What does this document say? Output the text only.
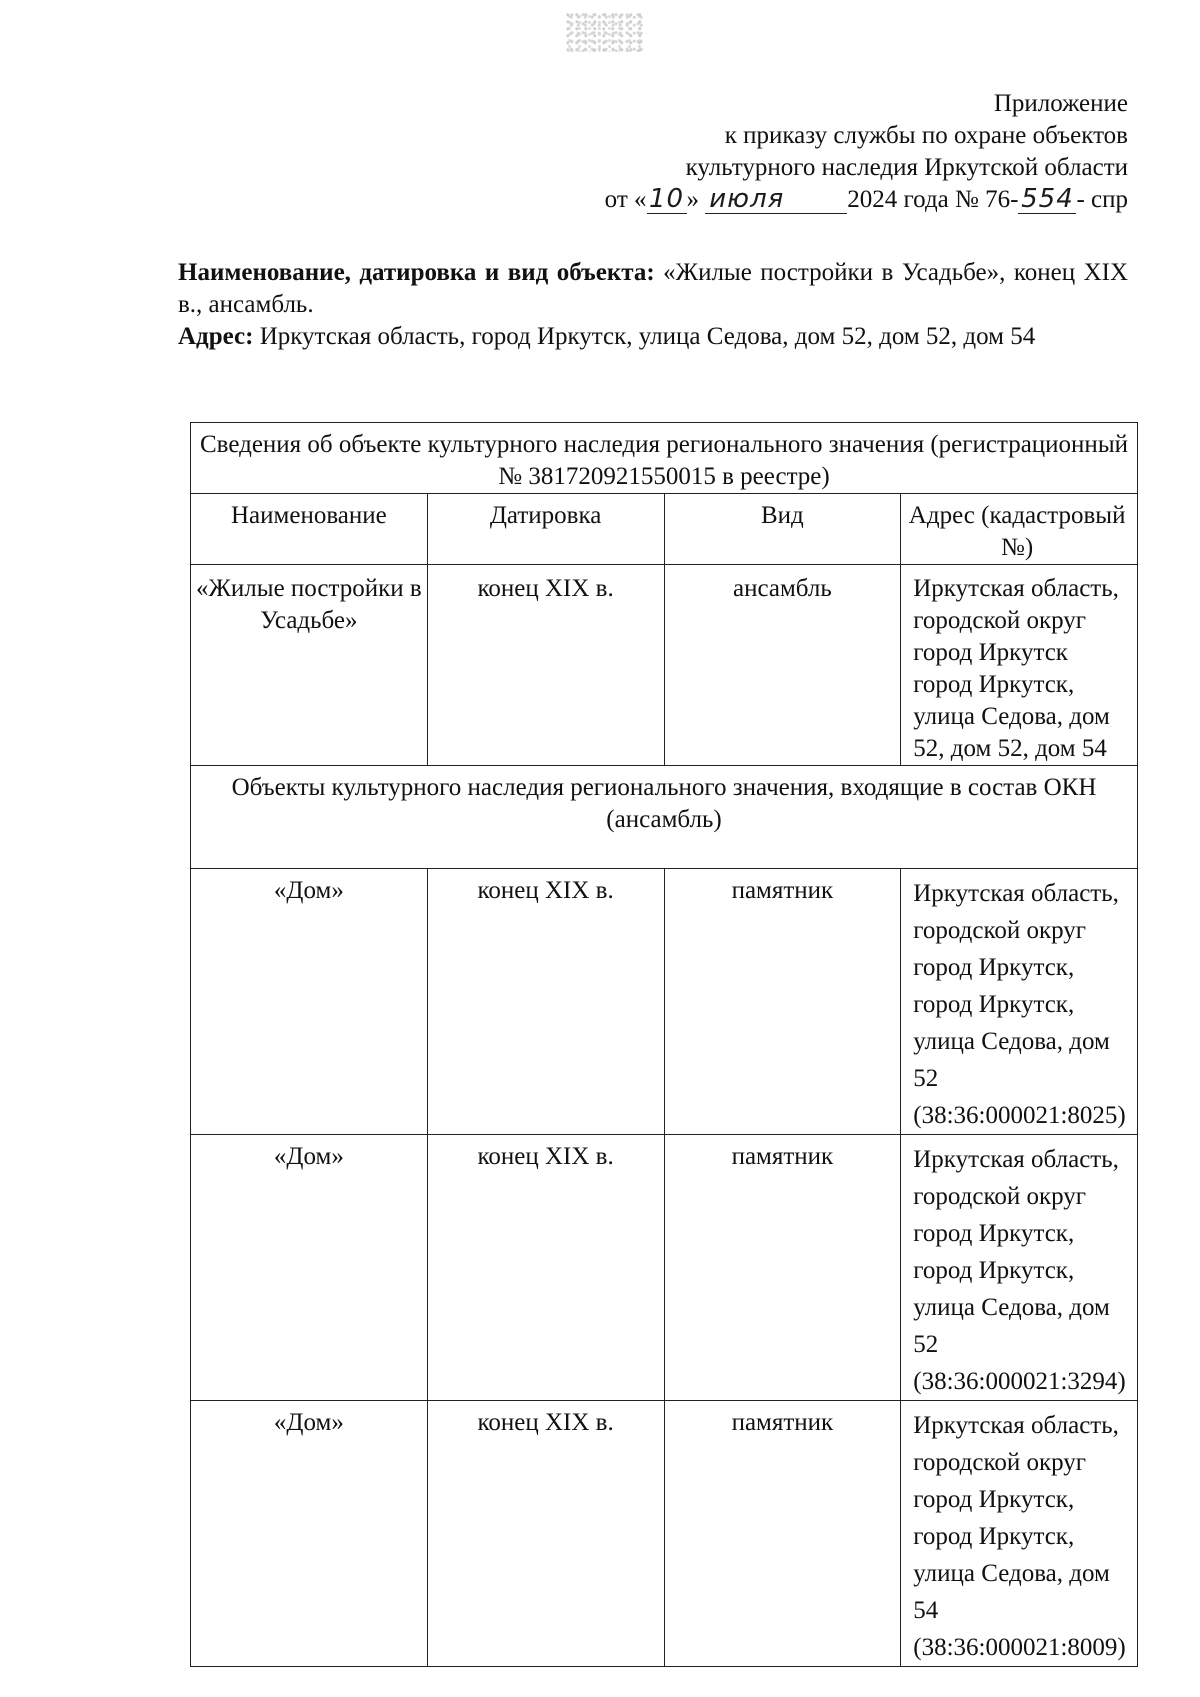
Приложение
к приказу службы по охране объектов
культурного наследия Иркутской области
от «10» июля	2024 года № 76- 554 - спр

Наименование, датировка и вид объекта: «Жилые постройки в Усадьбе», конец XIX в., ансамбль.

Адрес: Иркутская область, город Иркутск, улица Седова, дом 52, дом 52, дом 54

Сведения об объекте культурного наследия регионального значения (регистрационный № 381720921550015 в реестре)			
Наименование	Датировка	Вид	Адрес (кадастровый №)
«Жилые постройки в Усадьбе»	конец XIX в.	ансамбль	Иркутская область, городской округ город Иркутск город Иркутск, улица Седова, дом 52, дом 52, дом 54
Объекты культурного наследия регионального значения, входящие в состав ОКН (ансамбль)			
«Дом»	конец XIX в.	памятник	Иркутская область, городской округ город Иркутск, город Иркутск, улица Седова, дом 52 (38:36:000021:8025)
«Дом»	конец XIX в.	памятник	Иркутская область, городской округ город Иркутск, город Иркутск, улица Седова, дом 52 (38:36:000021:3294)
«Дом»	конец XIX в.	памятник	Иркутская область, городской округ город Иркутск, город Иркутск, улица Седова, дом 54 (38:36:000021:8009)
